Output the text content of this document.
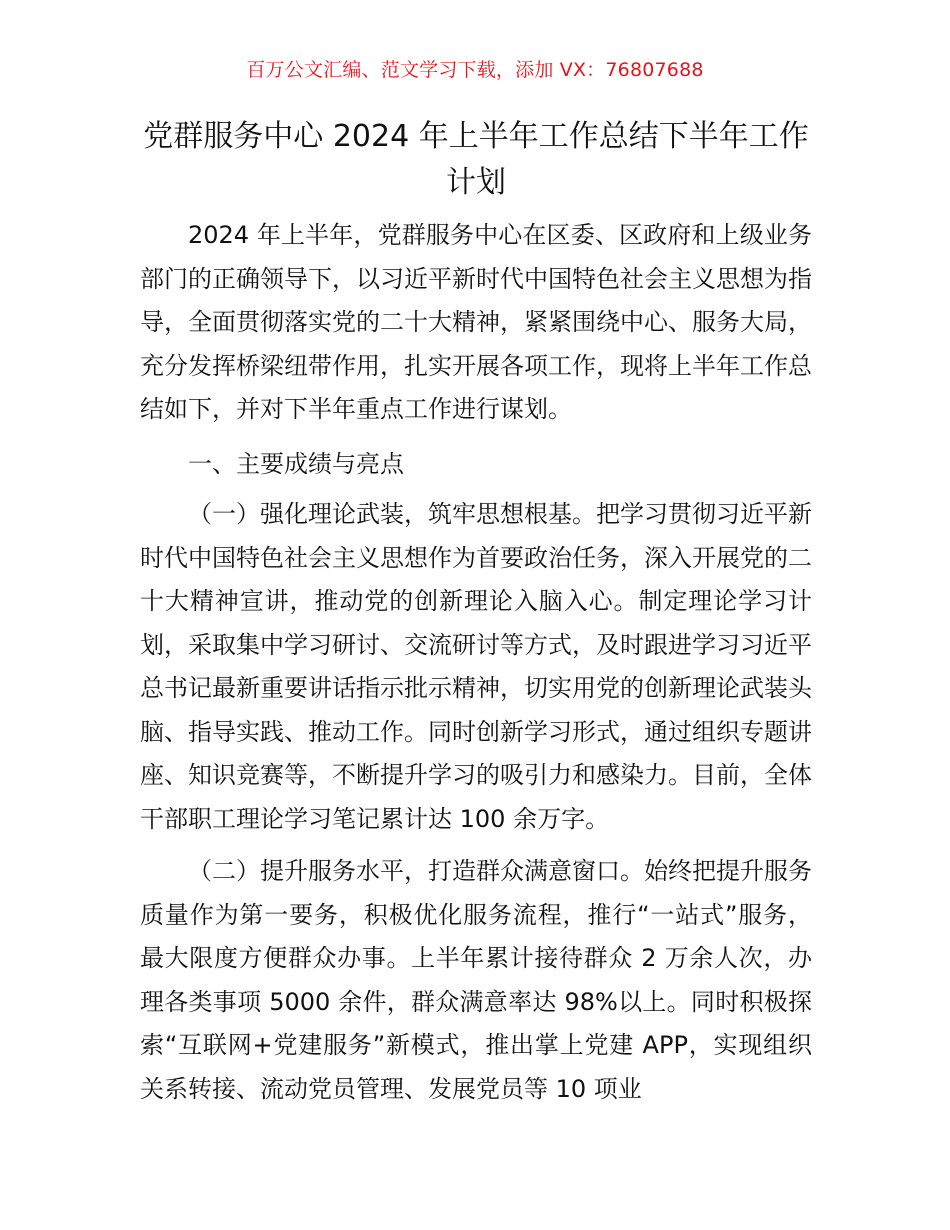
百万公文汇编、范文学习下载，添加 VX：76807688
党群服务中心 2024 年上半年工作总结下半年工作计划

2024 年上半年，党群服务中心在区委、区政府和上级业务部门的正确领导下，以习近平新时代中国特色社会主义思想为指导，全面贯彻落实党的二十大精神，紧紧围绕中心、服务大局，充分发挥桥梁纽带作用，扎实开展各项工作，现将上半年工作总结如下，并对下半年重点工作进行谋划。

一、主要成绩与亮点

（一）强化理论武装，筑牢思想根基。把学习贯彻习近平新时代中国特色社会主义思想作为首要政治任务，深入开展党的二十大精神宣讲，推动党的创新理论入脑入心。制定理论学习计划，采取集中学习研讨、交流研讨等方式，及时跟进学习习近平总书记最新重要讲话指示批示精神，切实用党的创新理论武装头脑、指导实践、推动工作。同时创新学习形式，通过组织专题讲座、知识竞赛等，不断提升学习的吸引力和感染力。目前，全体干部职工理论学习笔记累计达 100 余万字。

（二）提升服务水平，打造群众满意窗口。始终把提升服务质量作为第一要务，积极优化服务流程，推行“一站式”服务，最大限度方便群众办事。上半年累计接待群众 2 万余人次，办理各类事项 5000 余件，群众满意率达 98%以上。同时积极探索“互联网+党建服务”新模式，推出掌上党建 APP，实现组织关系转接、流动党员管理、发展党员等 10 项业
